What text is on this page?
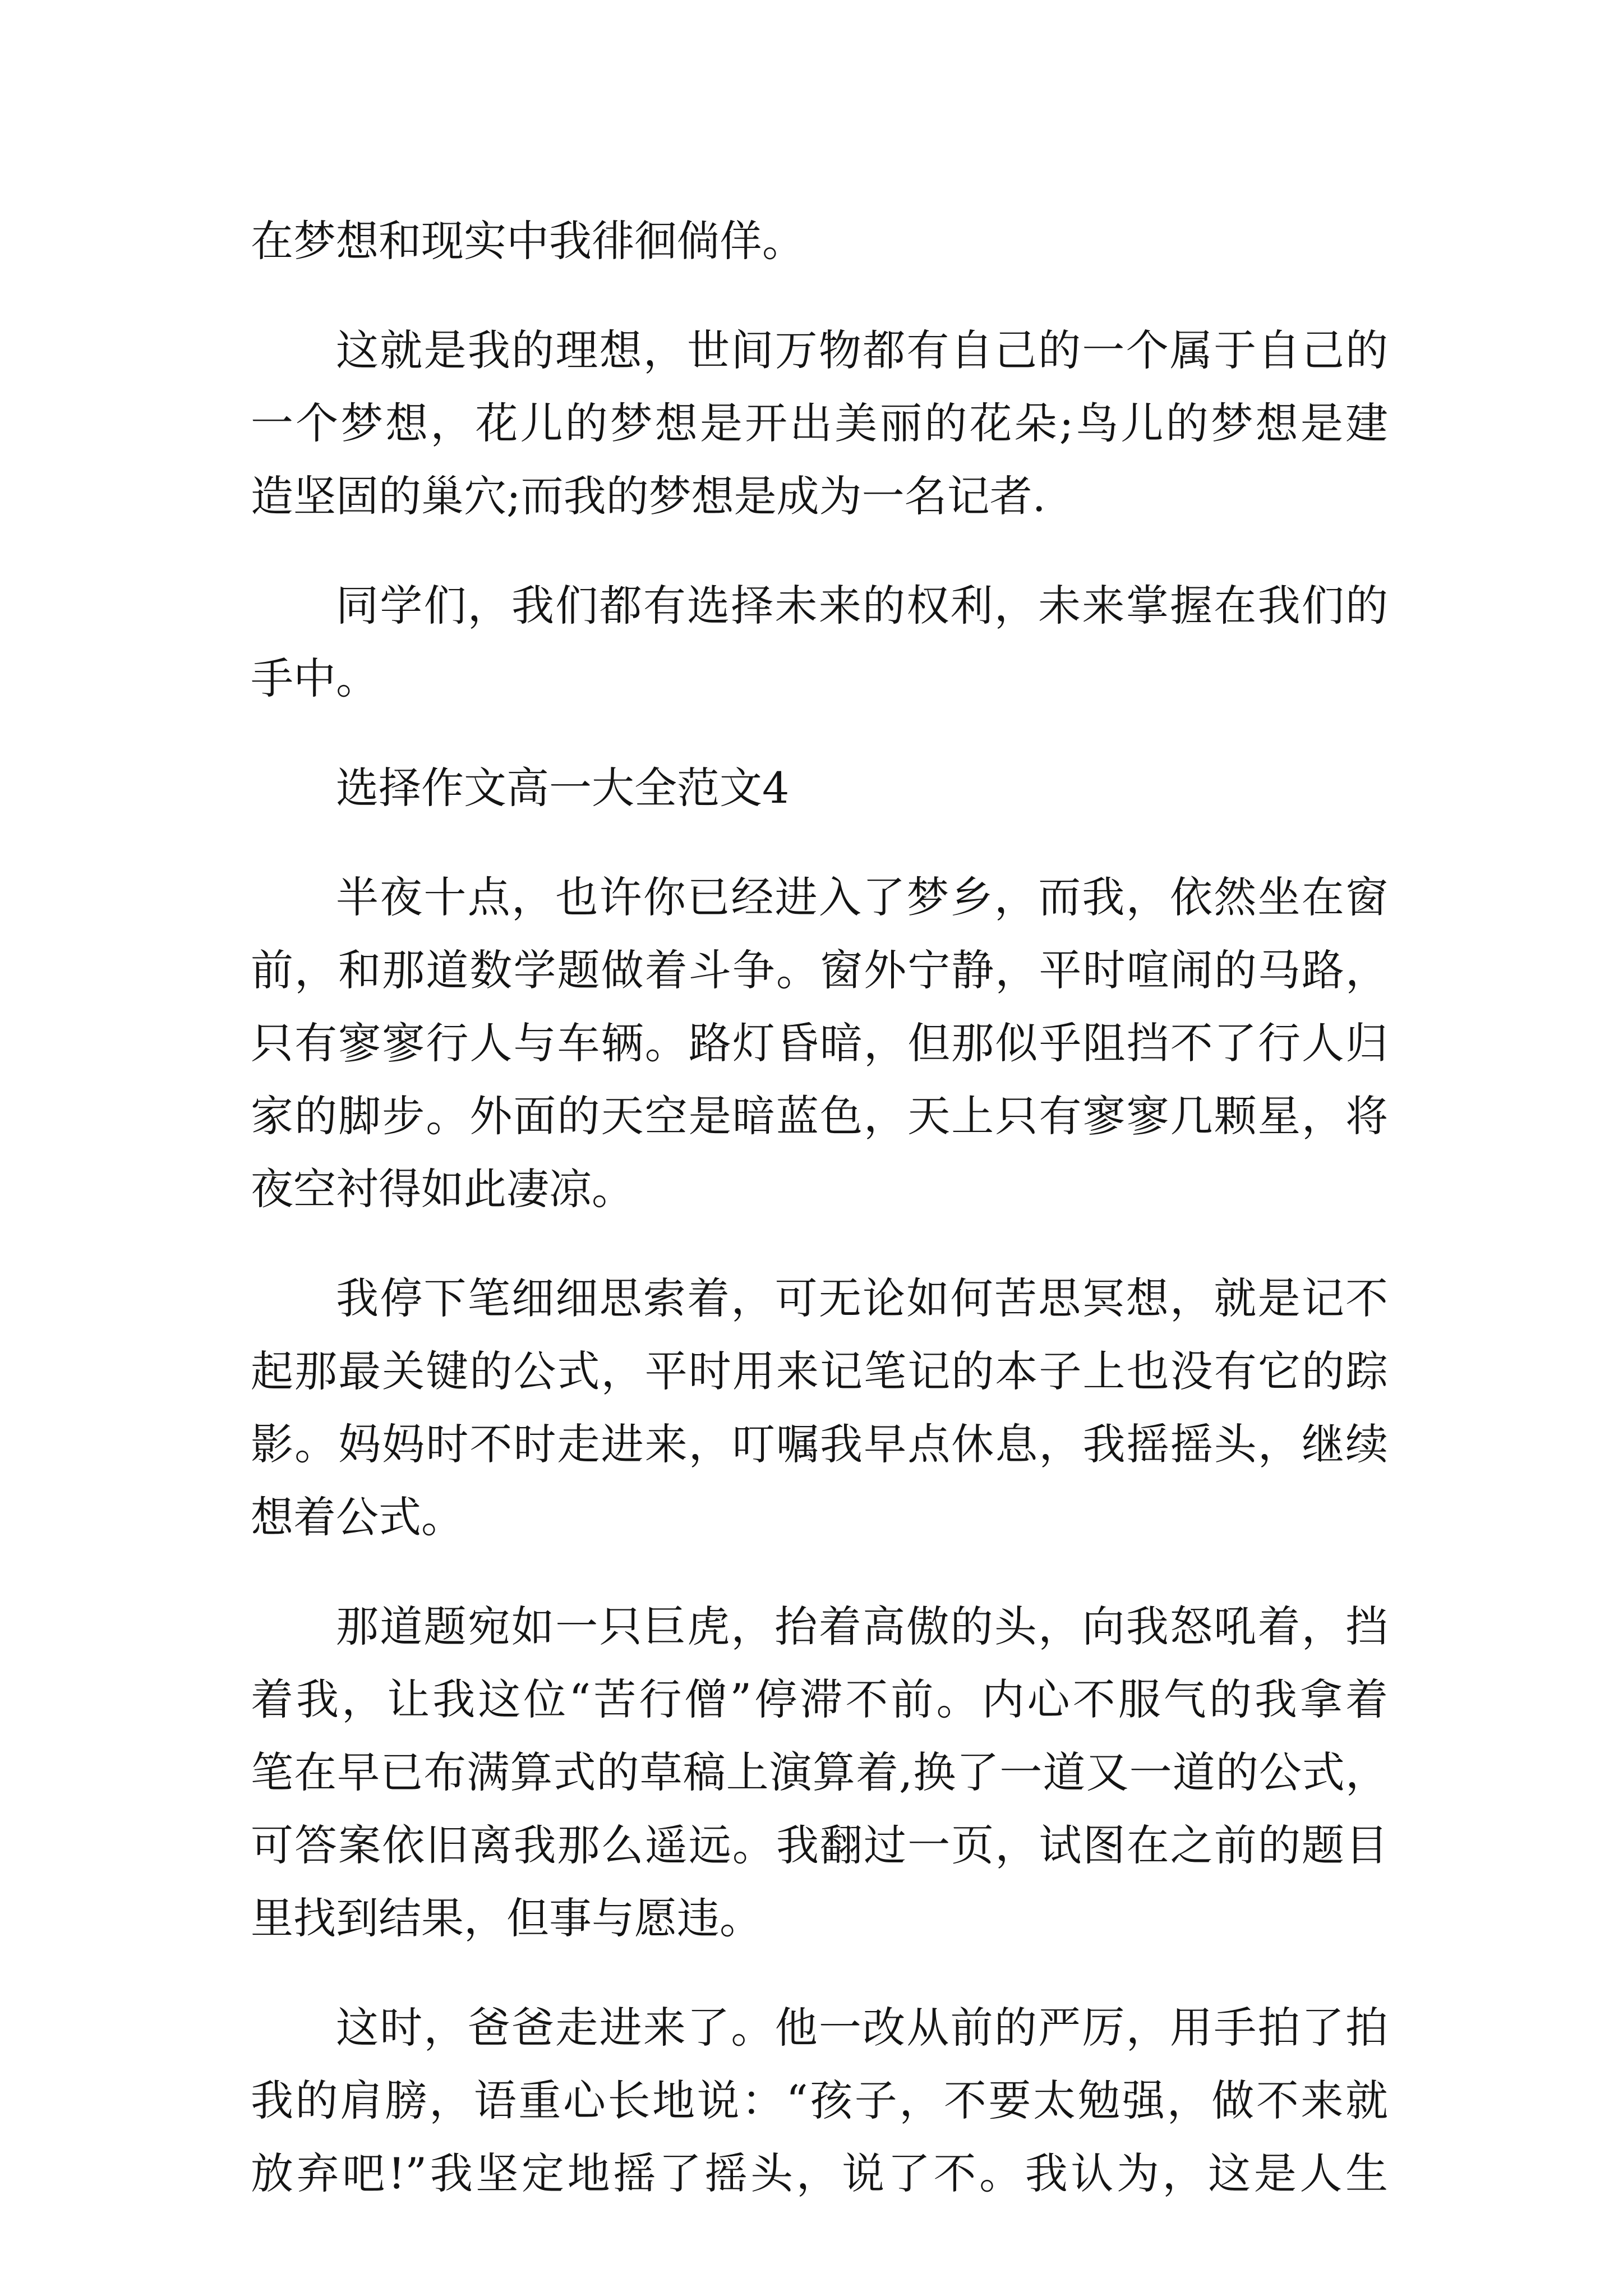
在梦想和现实中我徘徊倘佯。
这就是我的理想，世间万物都有自己的一个属于自己的
一个梦想，花儿的梦想是开出美丽的花朵;鸟儿的梦想是建
造坚固的巢穴;而我的梦想是成为一名记者.
同学们，我们都有选择未来的权利，未来掌握在我们的
手中。
选择作文高一大全范文4
半夜十点，也许你已经进入了梦乡，而我，依然坐在窗
前，和那道数学题做着斗争。窗外宁静，平时喧闹的马路，
只有寥寥行人与车辆。路灯昏暗，但那似乎阻挡不了行人归
家的脚步。外面的天空是暗蓝色，天上只有寥寥几颗星，将
夜空衬得如此凄凉。
我停下笔细细思索着，可无论如何苦思冥想，就是记不
起那最关键的公式，平时用来记笔记的本子上也没有它的踪
影。妈妈时不时走进来，叮嘱我早点休息，我摇摇头，继续
想着公式。
那道题宛如一只巨虎，抬着高傲的头，向我怒吼着，挡
着我，让我这位“苦行僧”停滞不前。内心不服气的我拿着
笔在早已布满算式的草稿上演算着,换了一道又一道的公式，
可答案依旧离我那么遥远。我翻过一页，试图在之前的题目
里找到结果，但事与愿违。
这时，爸爸走进来了。他一改从前的严厉，用手拍了拍
我的肩膀，语重心长地说：“孩子，不要太勉强，做不来就
放弃吧!”我坚定地摇了摇头，说了不。我认为，这是人生
